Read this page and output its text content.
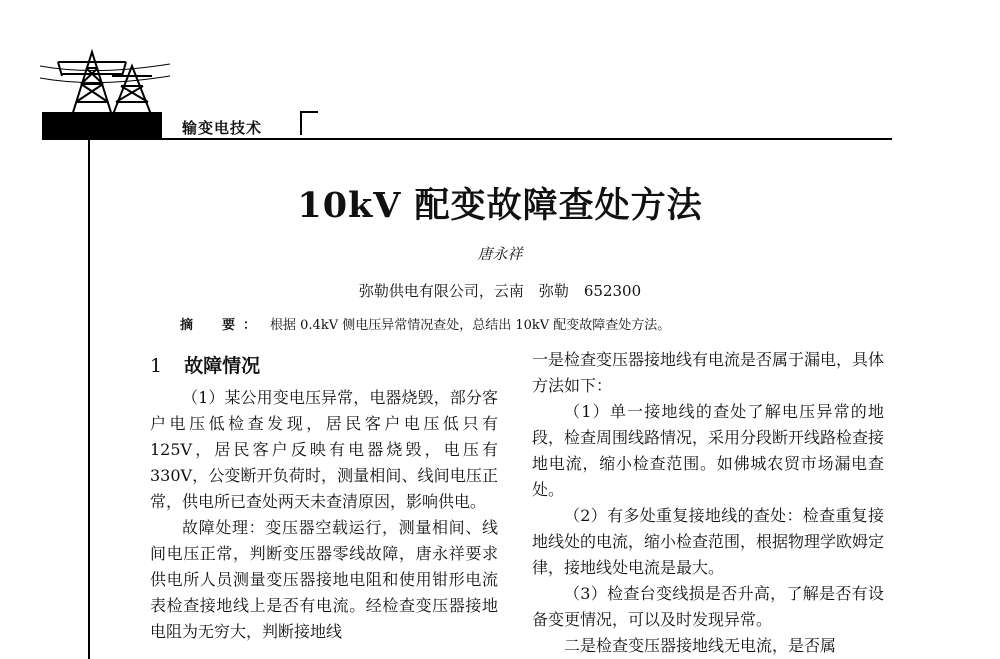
输变电技术
10kV 配变故障查处方法
唐永祥
弥勒供电有限公司，云南　弥勒　652300
摘　要： 根据 0.4kV 侧电压异常情况查处，总结出 10kV 配变故障查处方法。
1 故障情况

（1）某公用变电压异常，电器烧毁，部分客户电压低检查发现，居民客户电压低只有 125V，居民客户反映有电器烧毁，电压有 330V，公变断开负荷时，测量相间、线间电压正常，供电所已查处两天未查清原因，影响供电。

故障处理：变压器空载运行，测量相间、线间电压正常，判断变压器零线故障，唐永祥要求供电所人员测量变压器接地电阻和使用钳形电流表检查接地线上是否有电流。经检查变压器接地电阻为无穷大，判断接地线

一是检查变压器接地线有电流是否属于漏电，具体方法如下：

（1）单一接地线的查处了解电压异常的地段，检查周围线路情况，采用分段断开线路检查接地电流，缩小检查范围。如佛城农贸市场漏电查处。

（2）有多处重复接地线的查处：检查重复接地线处的电流，缩小检查范围，根据物理学欧姆定律，接地线处电流是最大。

（3）检查台变线损是否升高，了解是否有设备变更情况，可以及时发现异常。

二是检查变压器接地线无电流，是否属
